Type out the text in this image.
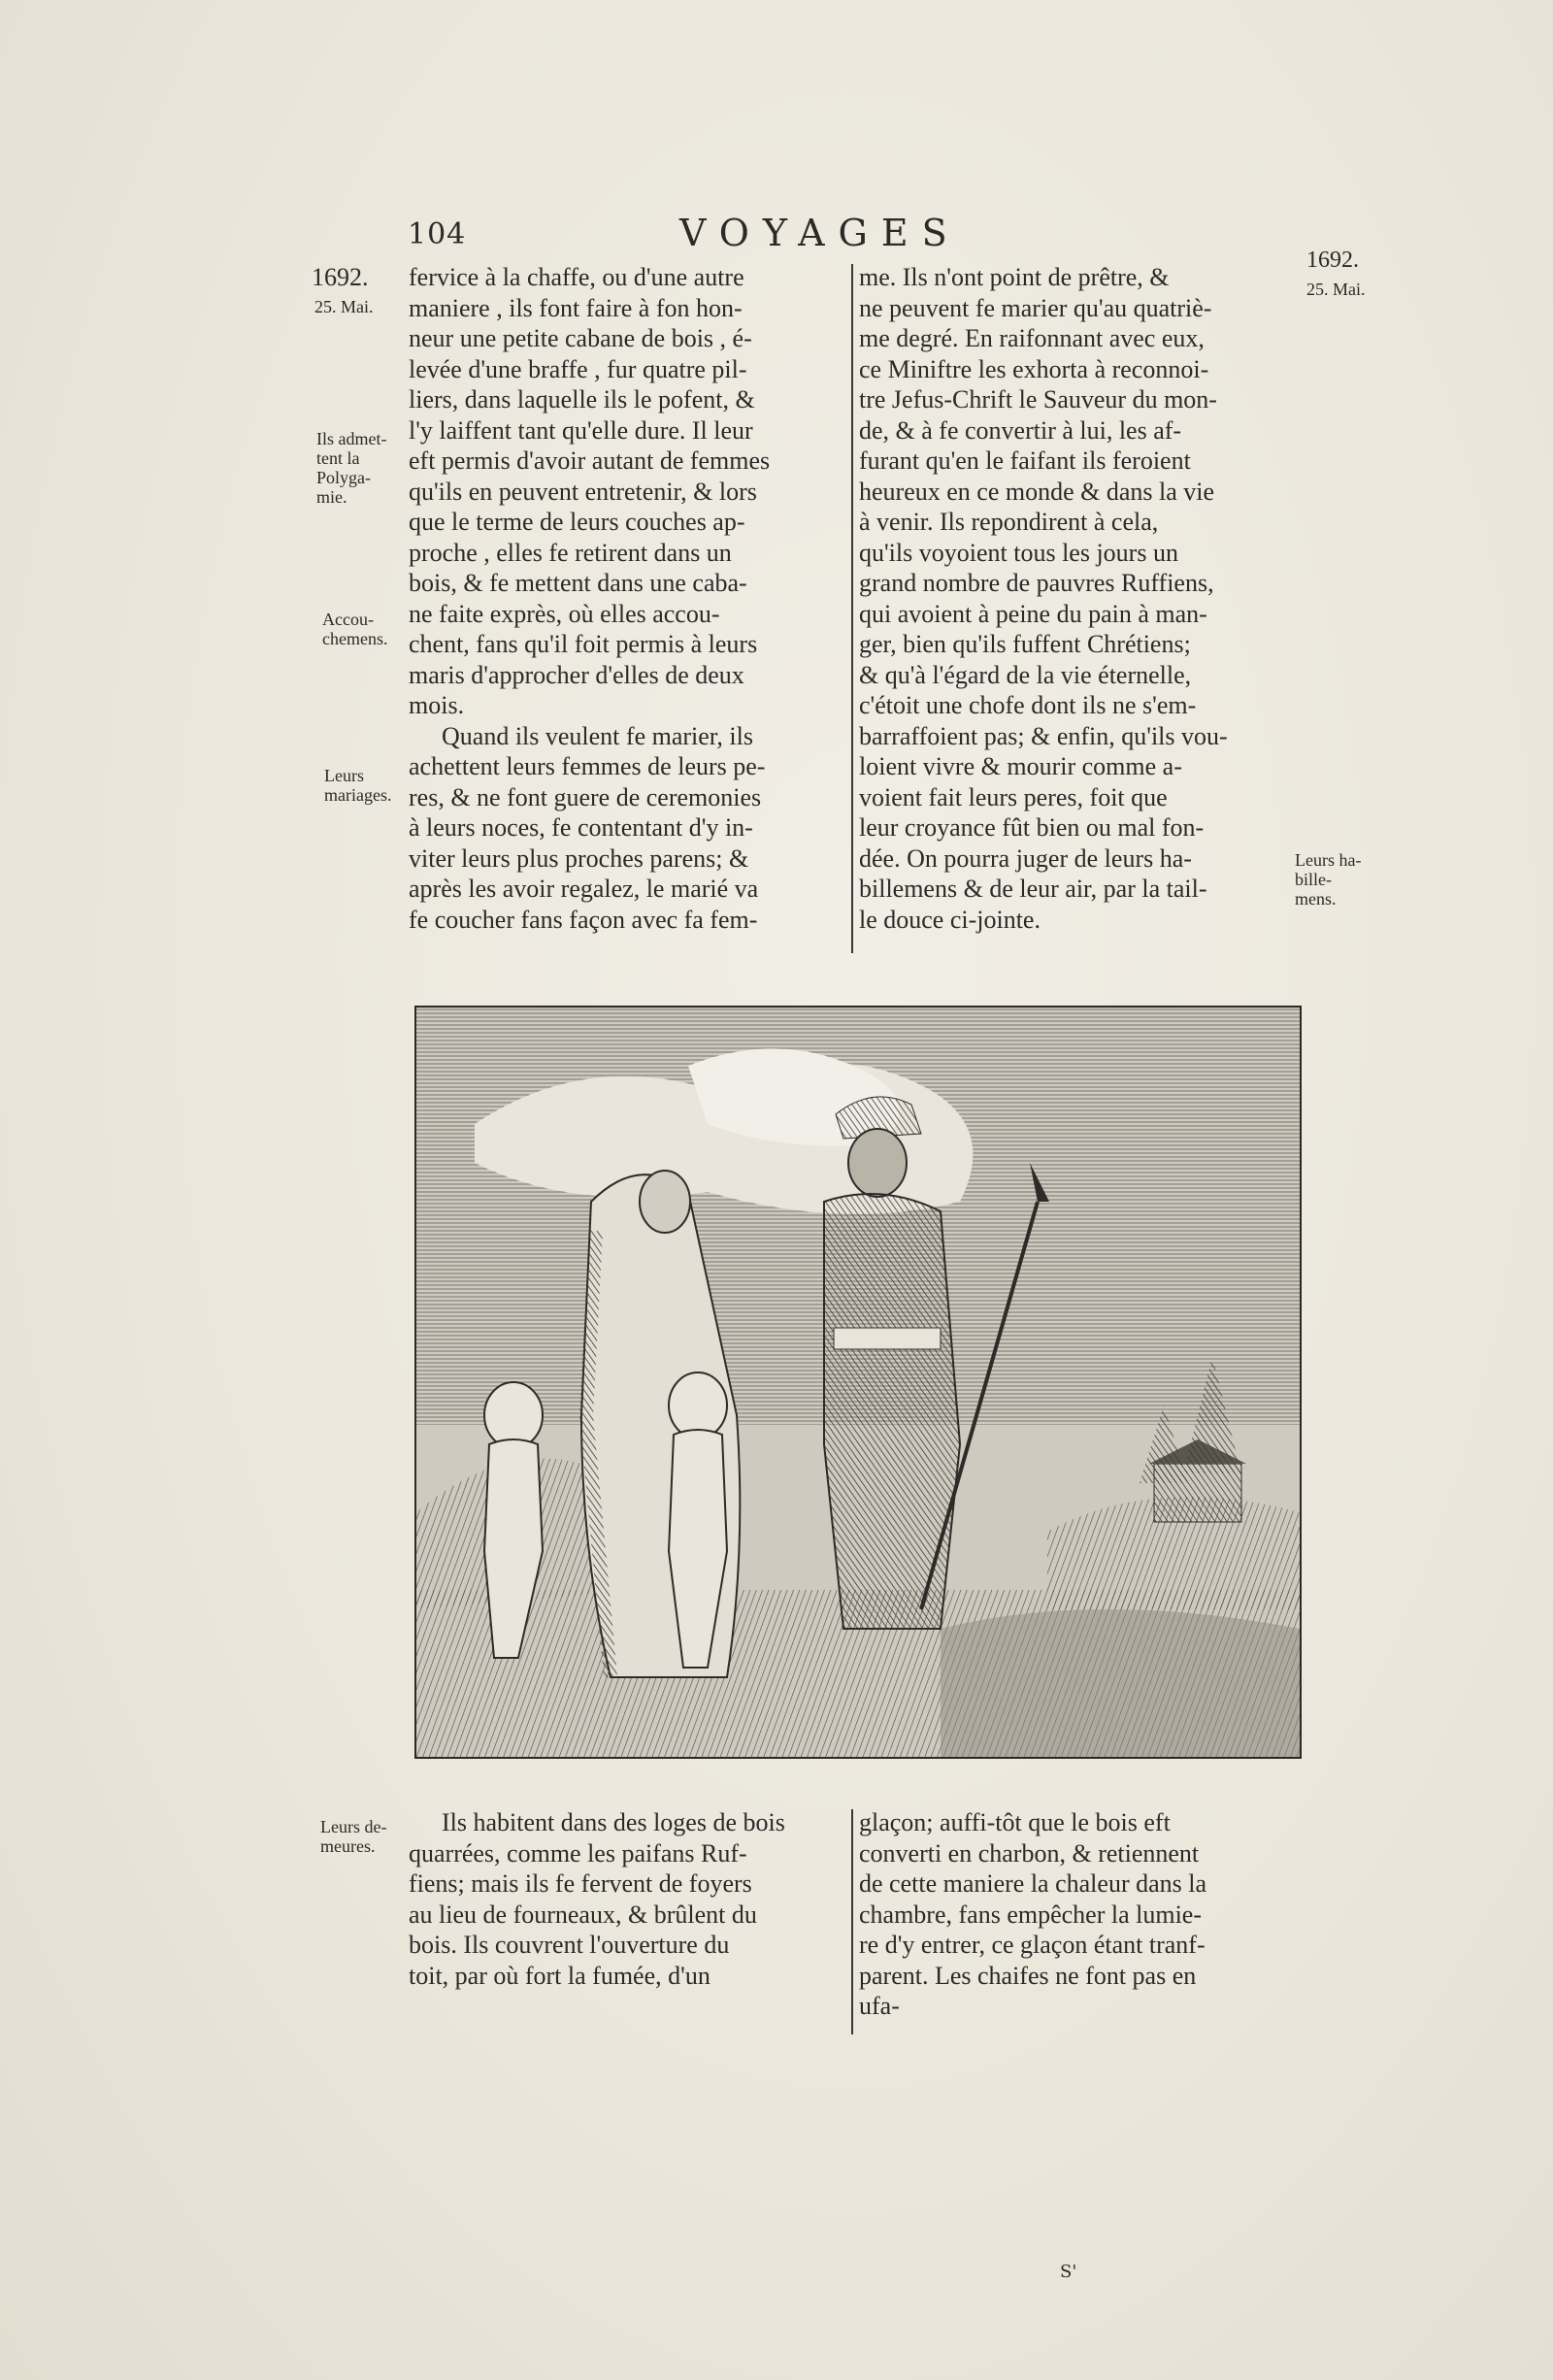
104	VOYAGES
25. Mai.
Ils admet-
tent la
Polyga-
mie.
Accou-
chemens.
Leurs
mariages.
Leurs de-
meures.
1692.
25. Mai.
Leurs ha-
bille-
mens.
1692. fervice à la chaffe, ou d'une autre
maniere , ils font faire à fon hon-
neur une petite cabane de bois , é-
levée d'une braffe , fur quatre pil-
liers, dans laquelle ils le pofent, &
l'y laiffent tant qu'elle dure. Il leur
eft permis d'avoir autant de femmes
qu'ils en peuvent entretenir, & lors
que le terme de leurs couches ap-
proche , elles fe retirent dans un
bois, & fe mettent dans une caba-
ne faite exprès, où elles accou-
chent, fans qu'il foit permis à leurs
maris d'approcher d'elles de deux
mois.
Quand ils veulent fe marier, ils
achettent leurs femmes de leurs pe-
res, & ne font guere de ceremonies
à leurs noces, fe contentant d'y in-
viter leurs plus proches parens; &
après les avoir regalez, le marié va
fe coucher fans façon avec fa fem-
me. Ils n'ont point de prêtre, &
ne peuvent fe marier qu'au quatriè-
me degré. En raifonnant avec eux,
ce Miniftre les exhorta à reconnoi-
tre Jefus-Chrift le Sauveur du mon-
de, & à fe convertir à lui, les af-
furant qu'en le faifant ils feroient
heureux en ce monde & dans la vie
à venir. Ils repondirent à cela,
qu'ils voyoient tous les jours un
grand nombre de pauvres Ruffiens,
qui avoient à peine du pain à man-
ger, bien qu'ils fuffent Chrétiens;
& qu'à l'égard de la vie éternelle,
c'étoit une chofe dont ils ne s'em-
barraffoient pas; & enfin, qu'ils vou-
loient vivre & mourir comme a-
voient fait leurs peres, foit que
leur croyance fût bien ou mal fon-
dée. On pourra juger de leurs ha-
billemens & de leur air, par la tail-
le douce ci-jointe.
Ils habitent dans des loges de bois
quarrées, comme les paifans Ruf-
fiens; mais ils fe fervent de foyers
au lieu de fourneaux, & brûlent du
bois. Ils couvrent l'ouverture du
toit, par où fort la fumée, d'un
glaçon; auffi-tôt que le bois eft
converti en charbon, & retiennent
de cette maniere la chaleur dans la
chambre, fans empêcher la lumie-
re d'y entrer, ce glaçon étant tranf-
parent. Les chaifes ne font pas en
ufa-
S'
